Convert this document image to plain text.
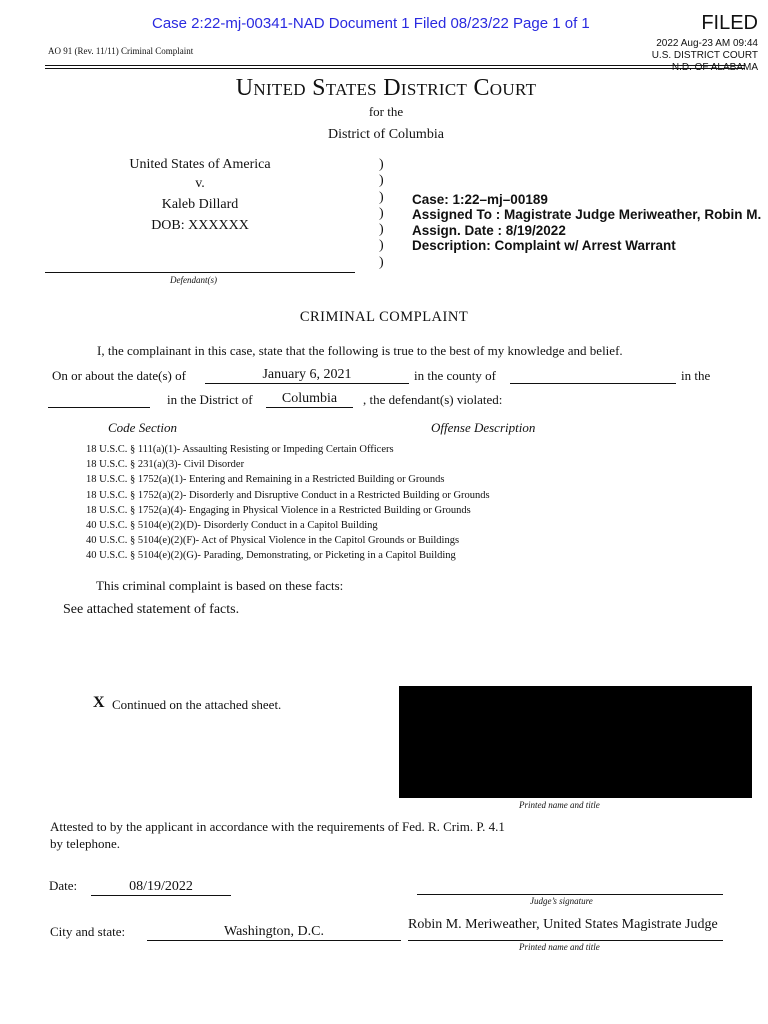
Case 2:22-mj-00341-NAD Document 1 Filed 08/23/22 Page 1 of 1	FILED
2022 Aug-23 AM 09:44
U.S. DISTRICT COURT
N.D. OF ALABAMA
AO 91 (Rev. 11/11) Criminal Complaint
United States District Court
for the
District of Columbia
United States of America
v.
Kaleb Dillard
DOB: XXXXXX
)
)
)
)
)
)
)
Defendant(s)
Case: 1:22–mj–00189
Assigned To : Magistrate Judge Meriweather, Robin M.
Assign. Date : 8/19/2022
Description: Complaint w/ Arrest Warrant
CRIMINAL COMPLAINT
I, the complainant in this case, state that the following is true to the best of my knowledge and belief.
On or about the date(s) of	January 6, 2021	in the county of	in the
in the District of	Columbia	, the defendant(s) violated:
Code Section	Offense Description
18 U.S.C. § 111(a)(1)- Assaulting Resisting or Impeding Certain Officers
18 U.S.C. § 231(a)(3)- Civil Disorder
18 U.S.C. § 1752(a)(1)- Entering and Remaining in a Restricted Building or Grounds
18 U.S.C. § 1752(a)(2)- Disorderly and Disruptive Conduct in a Restricted Building or Grounds
18 U.S.C. § 1752(a)(4)- Engaging in Physical Violence in a Restricted Building or Grounds
40 U.S.C. § 5104(e)(2)(D)- Disorderly Conduct in a Capitol Building
40 U.S.C. § 5104(e)(2)(F)- Act of Physical Violence in the Capitol Grounds or Buildings
40 U.S.C. § 5104(e)(2)(G)- Parading, Demonstrating, or Picketing in a Capitol Building
This criminal complaint is based on these facts:
See attached statement of facts.
X Continued on the attached sheet.
Printed name and title
Attested to by the applicant in accordance with the requirements of Fed. R. Crim. P. 4.1
by telephone.
Date:	08/19/2022
Judge’s signature
City and state:	Washington, D.C.	Robin M. Meriweather, United States Magistrate Judge
Printed name and title
